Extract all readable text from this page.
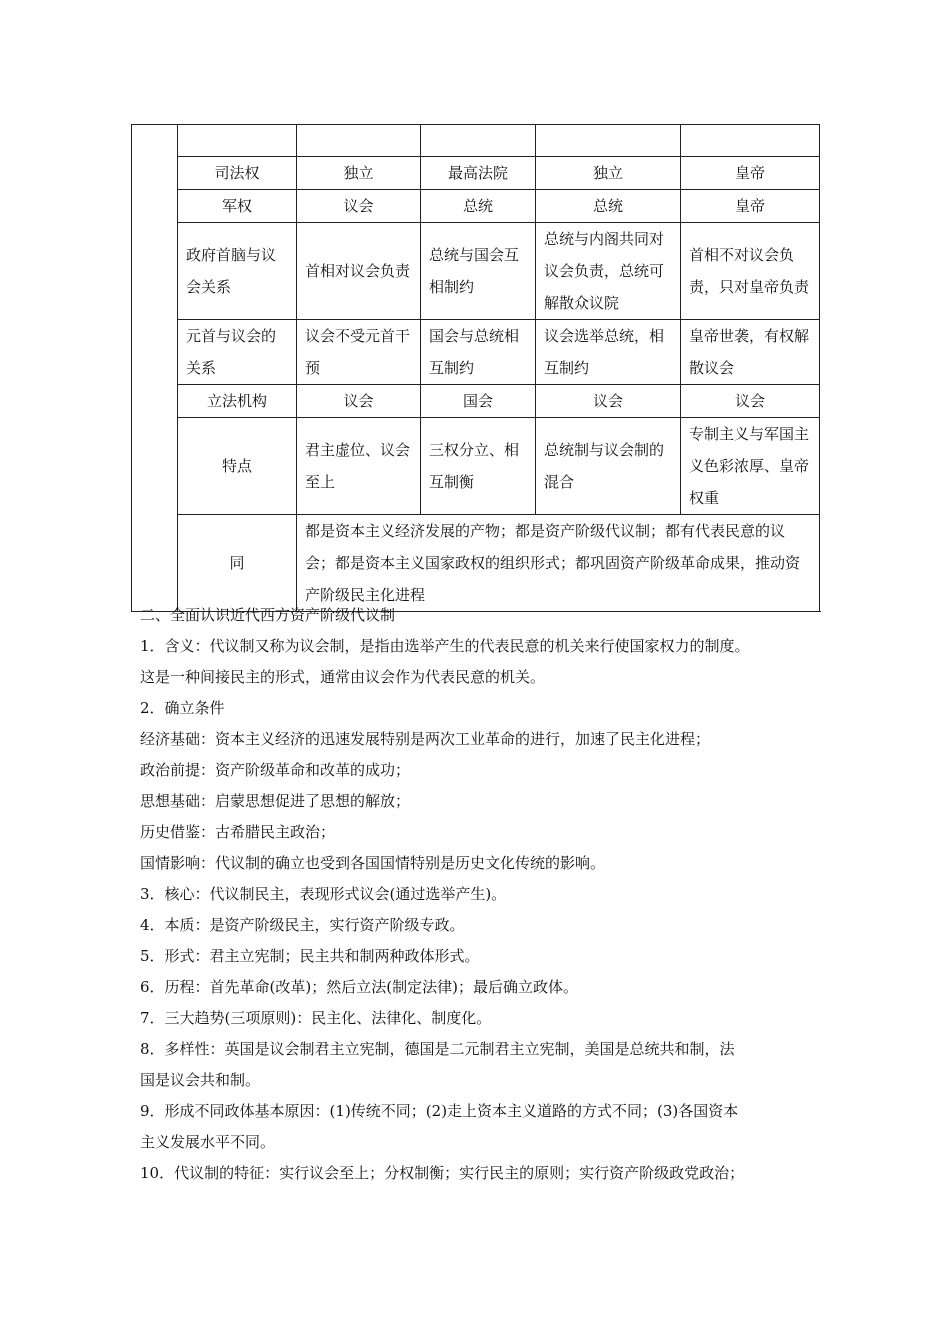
	司法权	独立	最高法院	独立	皇帝
	军权	议会	总统	总统	皇帝
	政府首脑与议会关系	首相对议会负责	总统与国会互相制约	总统与内阁共同对议会负责，总统可解散众议院	首相不对议会负责，只对皇帝负责
	元首与议会的关系	议会不受元首干预	国会与总统相互制约	议会选举总统，相互制约	皇帝世袭，有权解散议会
	立法机构	议会	国会	议会	议会
	特点	君主虚位、议会至上	三权分立、相互制衡	总统制与议会制的混合	专制主义与军国主义色彩浓厚、皇帝权重
	同	都是资本主义经济发展的产物；都是资产阶级代议制；都有代表民意的议会；都是资本主义国家政权的组织形式；都巩固资产阶级革命成果，推动资产阶级民主化进程			

二、全面认识近代西方资产阶级代议制

1．含义：代议制又称为议会制，是指由选举产生的代表民意的机关来行使国家权力的制度。

这是一种间接民主的形式，通常由议会作为代表民意的机关。

2．确立条件

经济基础：资本主义经济的迅速发展特别是两次工业革命的进行，加速了民主化进程；

政治前提：资产阶级革命和改革的成功；

思想基础：启蒙思想促进了思想的解放；

历史借鉴：古希腊民主政治；

国情影响：代议制的确立也受到各国国情特别是历史文化传统的影响。

3．核心：代议制民主，表现形式议会(通过选举产生)。

4．本质：是资产阶级民主，实行资产阶级专政。

5．形式：君主立宪制；民主共和制两种政体形式。

6．历程：首先革命(改革)；然后立法(制定法律)；最后确立政体。

7．三大趋势(三项原则)：民主化、法律化、制度化。

8．多样性：英国是议会制君主立宪制，德国是二元制君主立宪制，美国是总统共和制，法

国是议会共和制。

9．形成不同政体基本原因：(1)传统不同；(2)走上资本主义道路的方式不同；(3)各国资本

主义发展水平不同。

10．代议制的特征：实行议会至上；分权制衡；实行民主的原则；实行资产阶级政党政治；
